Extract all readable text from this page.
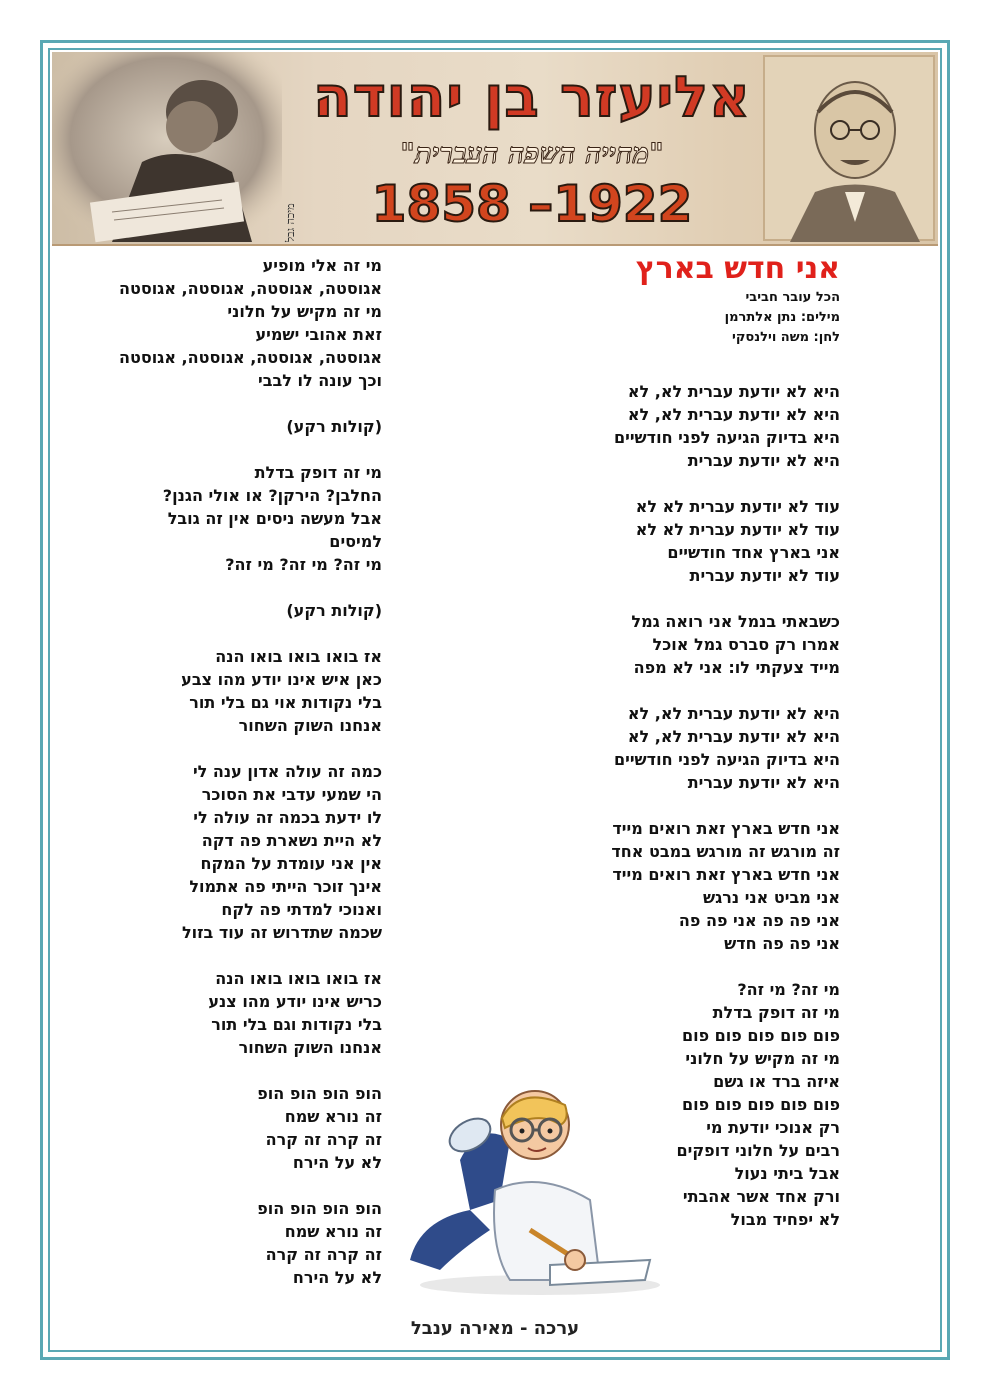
מיכה גבל
אליעזר בן יהודה
"מחייה השפה העברית"
1858 –1922
אני חדש בארץ
הכל עובר חביבי
מילים: נתן אלתרמן
לחן: משה וילנסקי
היא לא יודעת עברית לא, לא
היא לא יודעת עברית לא, לא
היא בדיוק הגיעה לפני חודשיים
היא לא יודעת עברית
עוד לא יודעת עברית לא לא
עוד לא יודעת עברית לא לא
אני בארץ אחד חודשיים
עוד לא יודעת עברית
כשבאתי בנמל אני רואה גמל
אמרו רק סברס גמל אוכל
מייד צעקתי לו: אני לא מפה
היא לא יודעת עברית לא, לא
היא לא יודעת עברית לא, לא
היא בדיוק הגיעה לפני חודשיים
היא לא יודעת עברית
אני חדש בארץ זאת רואים מייד
זה מורגש זה מורגש במבט אחד
אני חדש בארץ זאת רואים מייד
אני מביט אני נרגש
אני פה פה אני פה פה
אני פה פה חדש
מי זה? מי זה?
מי זה דופק בדלת
פום פום פום פום פום
מי זה מקיש על חלוני
איזה ברד או גשם
פום פום פום פום פום
רק אנוכי יודעת מי
רבים על חלוני דופקים
אבל ביתי נעול
ורק אחד אשר אהבתי
לא יפחיד מבול
מי זה אלי מופיע
אגוסטה, אגוסטה, אגוסטה, אגוסטה
מי זה מקיש על חלוני
זאת אהובי ישמיע
אגוסטה, אגוסטה, אגוסטה, אגוסטה
וכך עונה לו לבבי
(קולות רקע)
מי זה דופק בדלת
החלבן? הירקן? או אולי הגנן?
אבל מעשה ניסים אין זה גובל
למיסים
מי זה? מי זה? מי זה?
(קולות רקע)
אז בואו בואו בואו הנה
כאן איש אינו יודע מהו צבע
בלי נקודות אוי גם בלי תור
אנחנו השוק השחור
כמה זה עולה אדון ענה לי
הי שמעי עדבי את הסוכר
לו ידעת בכמה זה עולה לי
לא היית נשארת פה דקה
אין אני עומדת על המקח
אינך זוכר הייתי פה אתמול
ואנוכי למדתי פה לקח
שכמה שתדרוש זה עוד בזול
אז בואו בואו בואו הנה
כריש אינו יודע מהו צנע
בלי נקודות וגם בלי תור
אנחנו השוק השחור
הופ הופ הופ הופ
זה נורא שמח
זה קרה זה קרה
לא על הירח
הופ הופ הופ הופ
זה נורא שמח
זה קרה זה קרה
לא על הירח
ערכה - מאירה ענבל
